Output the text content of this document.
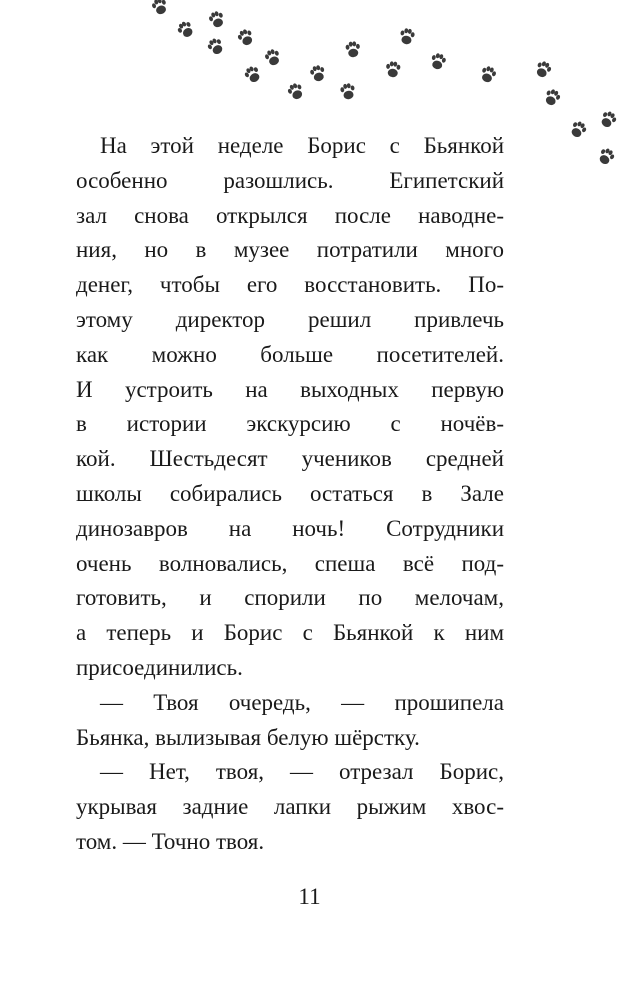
На этой неделе Борис с Бьянкой
особенно разошлись. Египетский
зал снова открылся после наводне-
ния, но в музее потратили много
денег, чтобы его восстановить. По-
этому директор решил привлечь
как можно больше посетителей.
И устроить на выходных первую
в истории экскурсию с ночёв-
кой. Шестьдесят учеников средней
школы собирались остаться в Зале
динозавров на ночь! Сотрудники
очень волновались, спеша всё под-
готовить, и спорили по мелочам,
а теперь и Борис с Бьянкой к ним
присоединились.
— Твоя очередь, — прошипела
Бьянка, вылизывая белую шёрстку.
— Нет, твоя, — отрезал Борис,
укрывая задние лапки рыжим хвос-
том. — Точно твоя.
11
